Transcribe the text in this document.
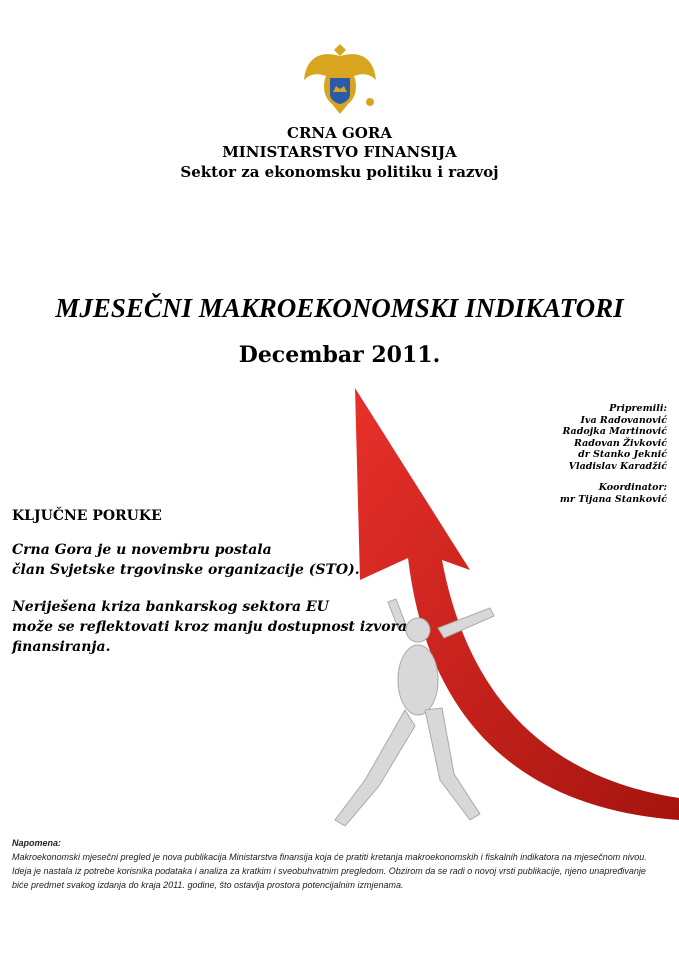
CRNA GORA
MINISTARSTVO FINANSIJA
Sektor za ekonomsku politiku i razvoj
MJESEČNI MAKROEKONOMSKI INDIKATORI
Decembar 2011.
Pripremili:
Iva Radovanović
Radojka Martinović
Radovan Živković
dr Stanko Jeknić
Vladislav Karadžić
Koordinator:
mr Tijana Stanković
KLJUČNE PORUKE
Crna Gora je u novembru postala
član Svjetske trgovinske organizacije (STO).
Neriješena kriza bankarskog sektora EU
može se reflektovati kroz manju dostupnost izvora
finansiranja.
Napomena:
Makroekonomski mjesečni pregled je nova publikacija Ministarstva finansija koja će pratiti kretanja makroekonomskih i fiskalnih indikatora na mjesečnom nivou.
Ideja je nastala iz potrebe korisnika podataka i analiza za kratkim i sveobuhvatnim pregledom. Obzirom da se radi o novoj vrsti publikacije, njeno unapređivanje
biće predmet svakog izdanja do kraja 2011. godine, što ostavlja prostora potencijalnim izmjenama.
